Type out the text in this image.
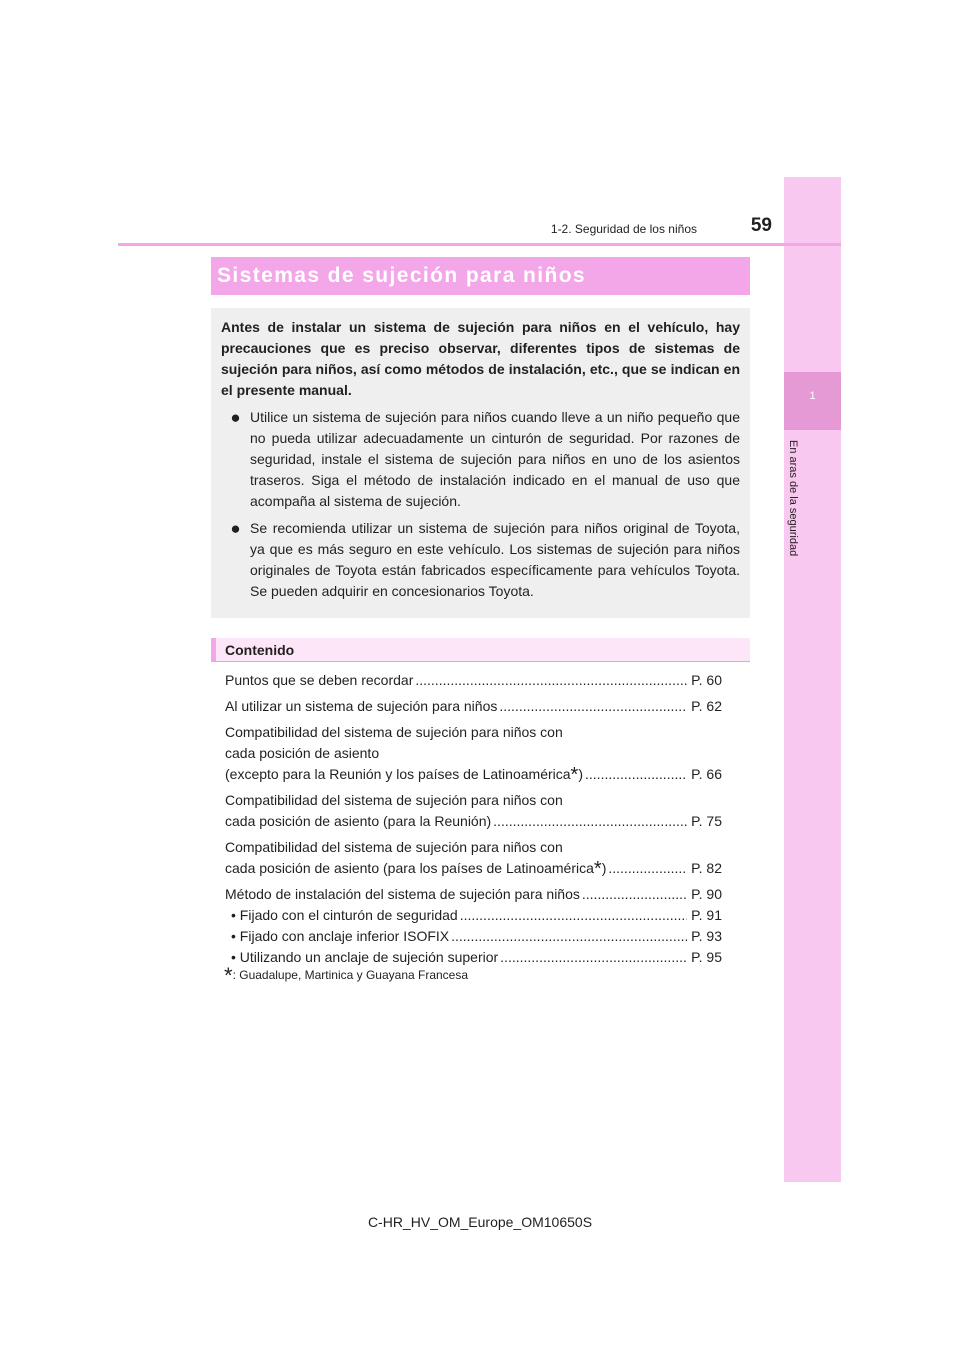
1
En aras de la seguridad
1-2. Seguridad de los niños	59
Sistemas de sujeción para niños

Antes de instalar un sistema de sujeción para niños en el vehículo, hay precauciones que es preciso observar, diferentes tipos de sistemas de sujeción para niños, así como métodos de instalación, etc., que se indican en el presente manual.

● Utilice un sistema de sujeción para niños cuando lleve a un niño pequeño que no pueda utilizar adecuadamente un cinturón de seguridad. Por razones de seguridad, instale el sistema de sujeción para niños en uno de los asientos traseros. Siga el método de instalación indicado en el manual de uso que acompaña al sistema de sujeción.

● Se recomienda utilizar un sistema de sujeción para niños original de Toyota, ya que es más seguro en este vehículo. Los sistemas de sujeción para niños originales de Toyota están fabricados específicamente para vehículos Toyota. Se pueden adquirir en concesionarios Toyota.

Contenido
Puntos que se deben recordar .....	P. 60
Al utilizar un sistema de sujeción para niños .....	P. 62
Compatibilidad del sistema de sujeción para niños con
cada posición de asiento
(excepto para la Reunión y los países de Latinoamérica*) .....	P. 66
Compatibilidad del sistema de sujeción para niños con
cada posición de asiento (para la Reunión) .....	P. 75
Compatibilidad del sistema de sujeción para niños con
cada posición de asiento (para los países de Latinoamérica*) .....	P. 82
Método de instalación del sistema de sujeción para niños .....	P. 90
• Fijado con el cinturón de seguridad .....	P. 91
• Fijado con anclaje inferior ISOFIX .....	P. 93
• Utilizando un anclaje de sujeción superior .....	P. 95
*: Guadalupe, Martinica y Guayana Francesa
C-HR_HV_OM_Europe_OM10650S
